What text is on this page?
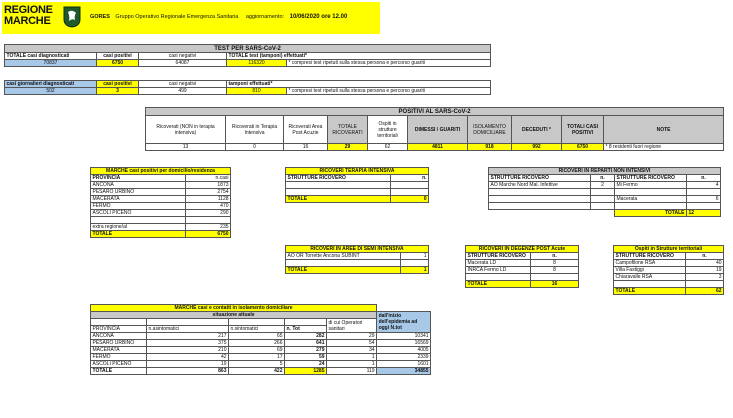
REGIONE
MARCHE	GORES Gruppo Operativo Regionale Emergenza Sanitaria aggiornamento: 10/06/2020 ore 12.00
TEST PER SARS-CoV-2				
TOTALE casi diagnosticati	casi positivi	casi negativi	TOTALE test (tamponi) effettuati*	
70837	6750	64087	116320	* compresi test ripetuti sulla stessa persona e percorso guariti
casi giornalieri diagnosticati	casi positivi	casi negativi	tamponi effettuati*	
502	3	499	810	* compresi test ripetuti sulla stessa persona e percorso guariti
POSITIVI AL SARS-CoV-2									
Ricoverati (NON in terapia intensiva)	Ricoverati in Terapia Intensiva	Ricoverati Area Post Acuzie	TOTALE RICOVERATI	Ospiti in strutture territoriali	DIMESSI / GUARITI	ISOLAMENTO DOMICILIARE	DECEDUTI *	TOTALI CASI POSITIVI	NOTE
13	0	16	29	62	4811	918	992	6750	* 8 residenti fuori regione
MARCHE casi positivi per domicilio/residenza	
PROVINCIA	n.casi
ANCONA	1873
PESARO URBINO	2754
MACERATA	1128
FERMO	470
ASCOLI PICENO	290

extra regione/al	235
TOTALE	6750
RICOVERI TERAPIA INTENSIVA	
STRUTTURE RICOVERO	n.

TOTALE	0
RICOVERI IN REPARTI NON INTENSIVI			
STRUTTURE RICOVERO	n.	STRUTTURE RICOVERO	n.
AO Marche Nord Mal. Infettive	2	Mi Fermo	4

		Macerata	6

		TOTALE	12
RICOVERI IN AREE DI SEMI INTENSIVA	
AO OR Torrette Ancona SUBINT	1

TOTALE	1
RICOVERI IN DEGENZE POST Acute	
STRUTTURE RICOVERO	n.
Macerata LD	8
INRCA Fermo LD	8

TOTALE	16
Ospiti in Strutture territoriali	
STRUTTURE RICOVERO	n.
Campofilone RSA	40
Villa Fastiggi	19
Chiaravalle RSA	3

TOTALE	62
MARCHE casi e contatti in isolamento domiciliare					
situazione attuale					dall'inizio dell'epidemia ad oggi N.tot
				di cui Operatori sanitari	
PROVINCIA	n.asintomatici	n.sintomatici	n. Tot		
ANCONA	217	65	282	29	10341
PESARO URBINO	375	266	641	54	16569
MACERATA	210	69	279	34	4005
FERMO	42	17	59	1	2339
ASCOLI PICENO	19	5	24	1	1601
TOTALE	863	422	1285	119	34855
